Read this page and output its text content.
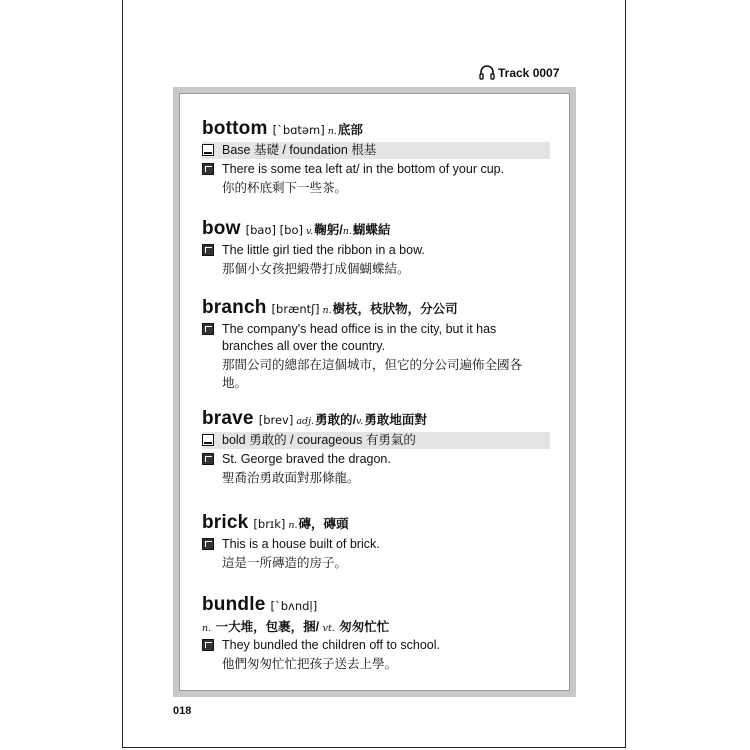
Track 0007
bottom [ˋbɑtəm] n. 底部
Base 基礎 / foundation 根基
There is some tea left at/ in the bottom of your cup.
你的杯底剩下一些茶。
bow [baʊ] [bo] v. 鞠躬/ n. 蝴蝶結
The little girl tied the ribbon in a bow.
那個小女孩把緞帶打成個蝴蝶結。
branch [bræntʃ] n. 樹枝，枝狀物，分公司
The company's head office is in the city, but it has branches all over the country.
那間公司的總部在這個城市，但它的分公司遍佈全國各地。
brave [brev] adj. 勇敢的/ v. 勇敢地面對
bold 勇敢的 / courageous 有勇氣的
St. George braved the dragon.
聖喬治勇敢面對那條龍。
brick [brɪk] n. 磚，磚頭
This is a house built of brick.
這是一所磚造的房子。
bundle [ˋbʌndḷ]
n. 一大堆，包裹，捆/ vt. 匆匆忙忙
They bundled the children off to school.
他們匆匆忙忙把孩子送去上學。
018
